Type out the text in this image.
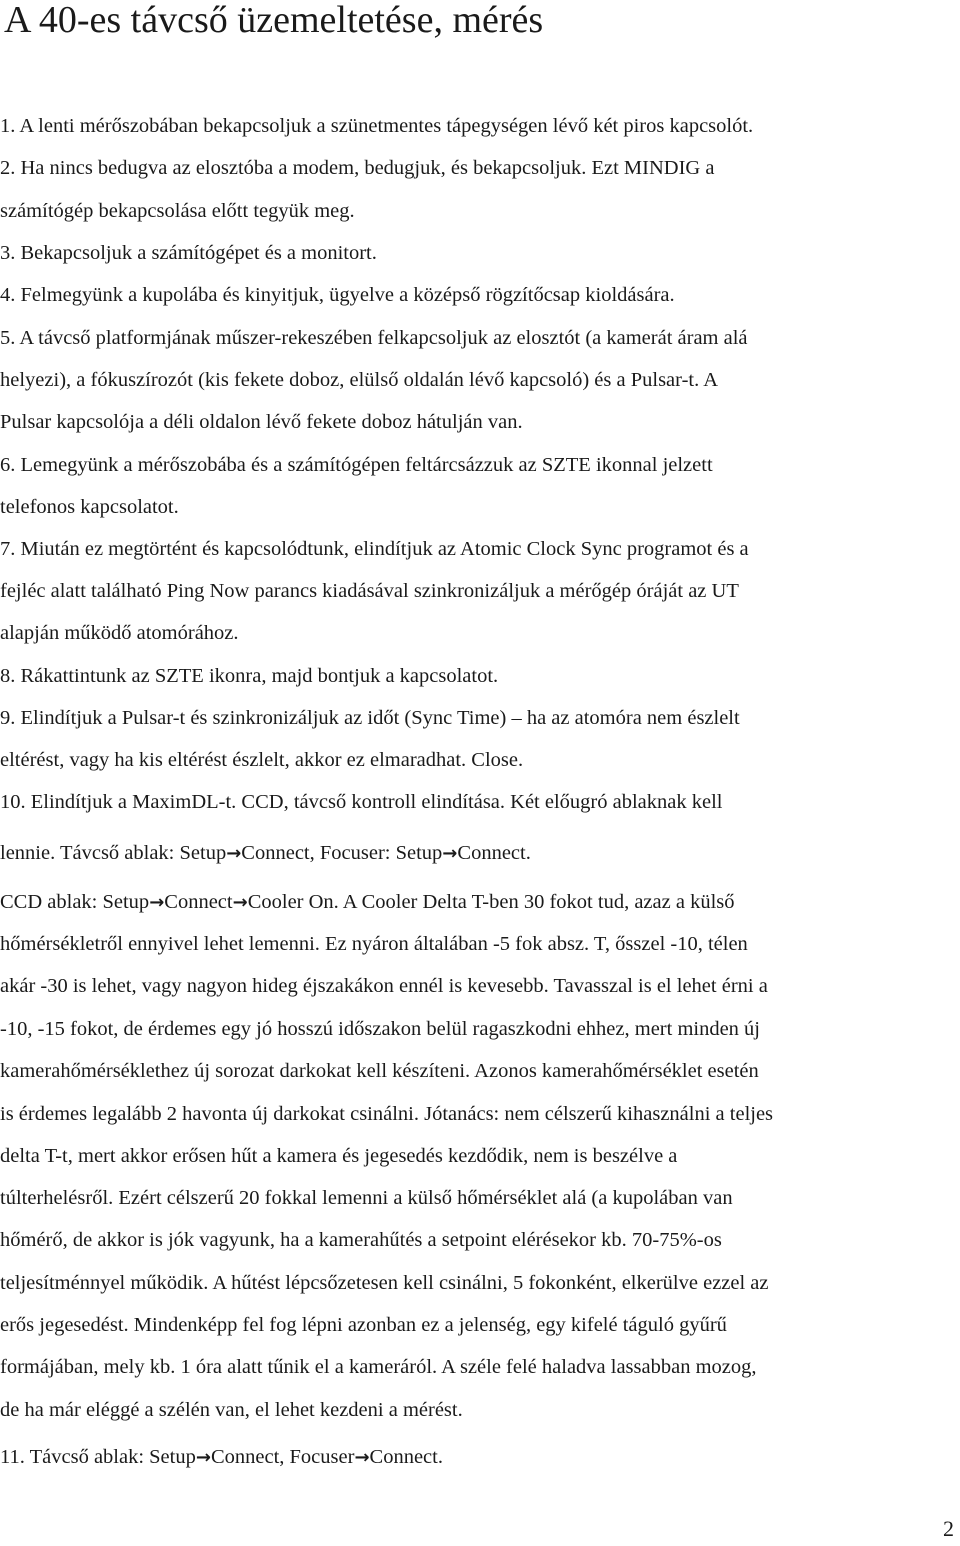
A 40-es távcső üzemeltetése, mérés

1. A lenti mérőszobában bekapcsoljuk a szünetmentes tápegységen lévő két piros kapcsolót.

2. Ha nincs bedugva az elosztóba a modem, bedugjuk, és bekapcsoljuk. Ezt MINDIG a

számítógép bekapcsolása előtt tegyük meg.

3. Bekapcsoljuk a számítógépet és a monitort.

4. Felmegyünk a kupolába és kinyitjuk, ügyelve a középső rögzítőcsap kioldására.

5. A távcső platformjának műszer-rekeszében felkapcsoljuk az elosztót (a kamerát áram alá

helyezi), a fókuszírozót (kis fekete doboz, elülső oldalán lévő kapcsoló) és a Pulsar-t. A

Pulsar kapcsolója a déli oldalon lévő fekete doboz hátulján van.

6. Lemegyünk a mérőszobába és a számítógépen feltárcsázzuk az SZTE ikonnal jelzett

telefonos kapcsolatot.

7. Miután ez megtörtént és kapcsolódtunk, elindítjuk az Atomic Clock Sync programot és a

fejléc alatt található Ping Now parancs kiadásával szinkronizáljuk a mérőgép óráját az UT

alapján működő atomórához.

8. Rákattintunk az SZTE ikonra, majd bontjuk a kapcsolatot.

9. Elindítjuk a Pulsar-t és szinkronizáljuk az időt (Sync Time) – ha az atomóra nem észlelt

eltérést, vagy ha kis eltérést észlelt, akkor ez elmaradhat. Close.

10. Elindítjuk a MaximDL-t. CCD, távcső kontroll elindítása. Két előugró ablaknak kell

lennie. Távcső ablak: Setup→Connect, Focuser: Setup→Connect.

CCD ablak: Setup→Connect→Cooler On. A Cooler Delta T-ben 30 fokot tud, azaz a külső

hőmérsékletről ennyivel lehet lemenni. Ez nyáron általában -5 fok absz. T, ősszel -10, télen

akár -30 is lehet, vagy nagyon hideg éjszakákon ennél is kevesebb. Tavasszal is el lehet érni a

-10, -15 fokot, de érdemes egy jó hosszú időszakon belül ragaszkodni ehhez, mert minden új

kamerahőmérséklethez új sorozat darkokat kell készíteni. Azonos kamerahőmérséklet esetén

is érdemes legalább 2 havonta új darkokat csinálni. Jótanács: nem célszerű kihasználni a teljes

delta T-t, mert akkor erősen hűt a kamera és jegesedés kezdődik, nem is beszélve a

túlterhelésről. Ezért célszerű 20 fokkal lemenni a külső hőmérséklet alá (a kupolában van

hőmérő, de akkor is jók vagyunk, ha a kamerahűtés a setpoint elérésekor kb. 70-75%-os

teljesítménnyel működik. A hűtést lépcsőzetesen kell csinálni, 5 fokonként, elkerülve ezzel az

erős jegesedést. Mindenképp fel fog lépni azonban ez a jelenség, egy kifelé táguló gyűrű

formájában, mely kb. 1 óra alatt tűnik el a kameráról. A széle felé haladva lassabban mozog,

de ha már eléggé a szélén van, el lehet kezdeni a mérést.

11. Távcső ablak: Setup→Connect, Focuser→Connect.

2
